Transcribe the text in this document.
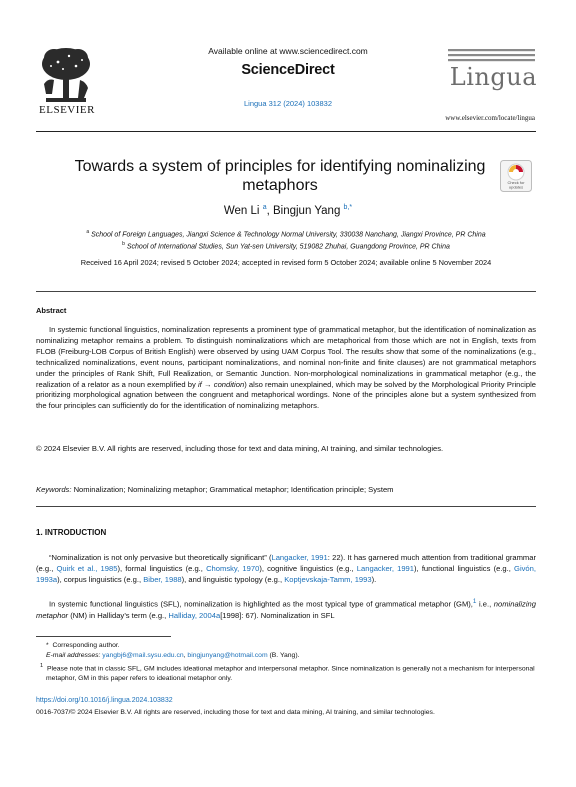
ELSEVIER
Available online at www.sciencedirect.com
ScienceDirect
Lingua 312 (2024) 103832
Lingua
www.elsevier.com/locate/lingua
Towards a system of principles for identifying nominalizing metaphors	Check for
updates
Wen Li $^a$, Bingjun Yang $^{b,*}$
$^a$ School of Foreign Languages, Jiangxi Science & Technology Normal University, 330038 Nanchang, Jiangxi Province, PR China
$^b$ School of International Studies, Sun Yat-sen University, 519082 Zhuhai, Guangdong Province, PR China
Received 16 April 2024; revised 5 October 2024; accepted in revised form 5 October 2024; available online 5 November 2024
Abstract
In systemic functional linguistics, nominalization represents a prominent type of grammatical metaphor, but the identification of nominalization as nominalizing metaphor remains a problem. To distinguish nominalizations which are metaphorical from those which are not in English, texts from FLOB (Freiburg-LOB Corpus of British English) were observed by using UAM Corpus Tool. The results show that some of the nominalizations (e.g., technicalized nominalizations, event nouns, participant nominalizations, and nominal non-finite and finite clauses) are not grammatical metaphors under the principles of Rank Shift, Full Realization, or Semantic Junction. Non-morphological nominalizations in grammatical metaphor (e.g., the realization of a relator as a noun exemplified by if → condition) also remain unexplained, which may be solved by the Morphological Priority Principle prioritizing morphological agnation between the congruent and metaphorical wordings. None of the principles alone but a system synthesized from the four principles can sufficiently do for the identification of nominalizing metaphors.
© 2024 Elsevier B.V. All rights are reserved, including those for text and data mining, AI training, and similar technologies.
Keywords: Nominalization; Nominalizing metaphor; Grammatical metaphor; Identification principle; System
1. INTRODUCTION
“Nominalization is not only pervasive but theoretically significant” (Langacker, 1991: 22). It has garnered much attention from traditional grammar (e.g., Quirk et al., 1985), formal linguistics (e.g., Chomsky, 1970), cognitive linguistics (e.g., Langacker, 1991), functional linguistics (e.g., Givón, 1993a), corpus linguistics (e.g., Biber, 1988), and linguistic typology (e.g., Koptjevskaja-Tamm, 1993).
In systemic functional linguistics (SFL), nominalization is highlighted as the most typical type of grammatical metaphor (GM),$^1$ i.e., nominalizing metaphor (NM) in Halliday’s term (e.g., Halliday, 2004a[1998]: 67). Nominalization in SFL
* Corresponding author.
E-mail addresses: yangbj6@mail.sysu.edu.cn, bingjunyang@hotmail.com (B. Yang).
$^1$ Please note that in classic SFL, GM includes ideational metaphor and interpersonal metaphor. Since nominalization is generally not a mechanism for interpersonal metaphor, GM in this paper refers to ideational metaphor only.
https://doi.org/10.1016/j.lingua.2024.103832
0016-7037/© 2024 Elsevier B.V. All rights are reserved, including those for text and data mining, AI training, and similar technologies.
